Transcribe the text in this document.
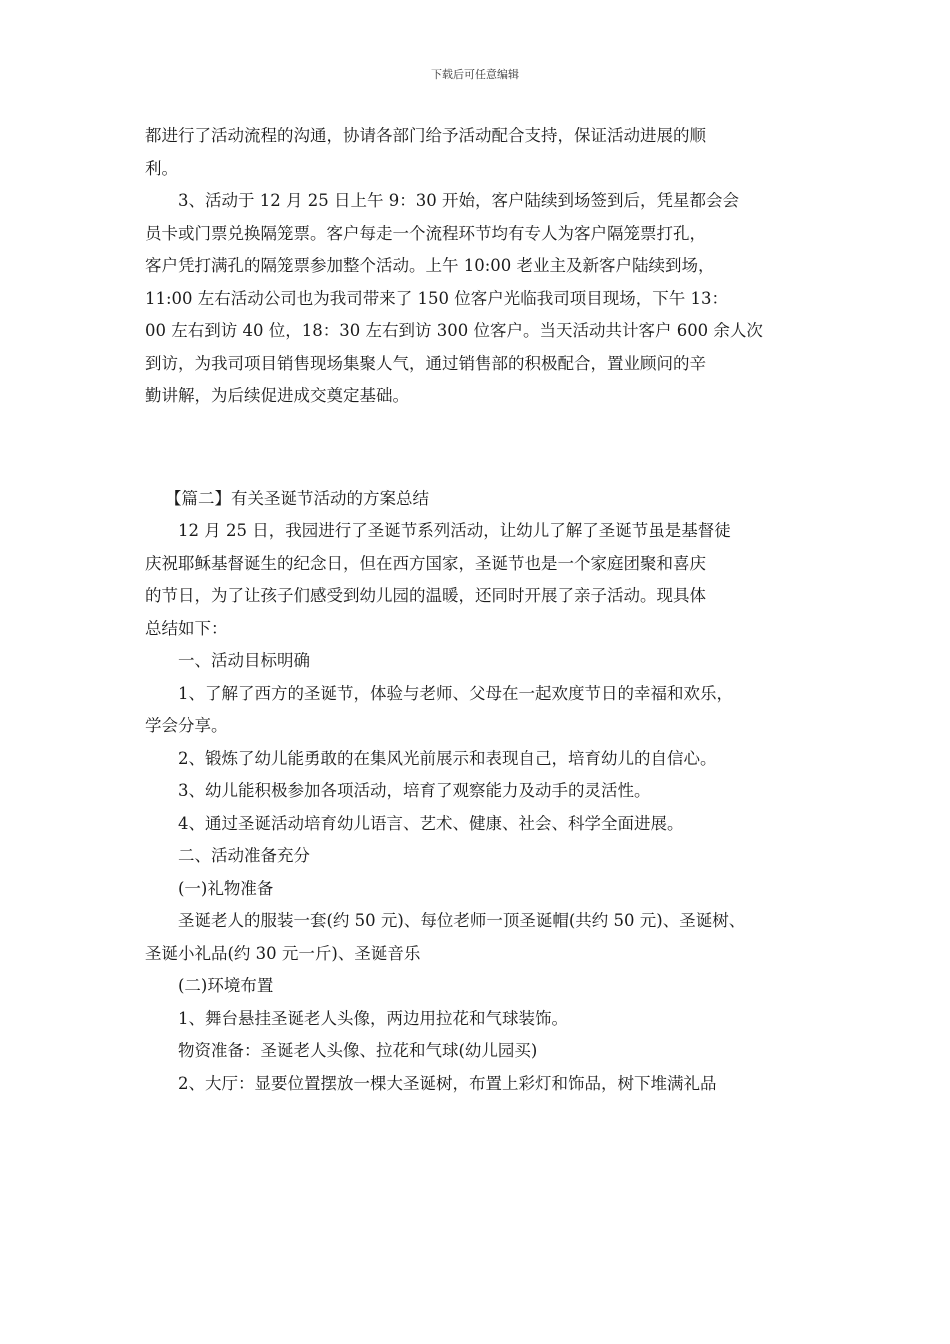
下载后可任意编辑

都进行了活动流程的沟通，协请各部门给予活动配合支持，保证活动进展的顺

利。

3、活动于 12 月 25 日上午 9：30 开始，客户陆续到场签到后，凭星都会会

员卡或门票兑换隔笼票。客户每走一个流程环节均有专人为客户隔笼票打孔，

客户凭打满孔的隔笼票参加整个活动。上午 10:00 老业主及新客户陆续到场，

11:00 左右活动公司也为我司带来了 150 位客户光临我司项目现场，下午 13：

00 左右到访 40 位，18：30 左右到访 300 位客户。当天活动共计客户 600 余人次

到访，为我司项目销售现场集聚人气，通过销售部的积极配合，置业顾问的辛

勤讲解，为后续促进成交奠定基础。

【篇二】有关圣诞节活动的方案总结

12 月 25 日，我园进行了圣诞节系列活动，让幼儿了解了圣诞节虽是基督徒

庆祝耶稣基督诞生的纪念日，但在西方国家，圣诞节也是一个家庭团聚和喜庆

的节日，为了让孩子们感受到幼儿园的温暖，还同时开展了亲子活动。现具体

总结如下：

一、活动目标明确

1、了解了西方的圣诞节，体验与老师、父母在一起欢度节日的幸福和欢乐，

学会分享。

2、锻炼了幼儿能勇敢的在集风光前展示和表现自己，培育幼儿的自信心。

3、幼儿能积极参加各项活动，培育了观察能力及动手的灵活性。

4、通过圣诞活动培育幼儿语言、艺术、健康、社会、科学全面进展。

二、活动准备充分

(一)礼物准备

圣诞老人的服装一套(约 50 元)、每位老师一顶圣诞帽(共约 50 元)、圣诞树、

圣诞小礼品(约 30 元一斤)、圣诞音乐

(二)环境布置

1、舞台悬挂圣诞老人头像，两边用拉花和气球装饰。

物资准备：圣诞老人头像、拉花和气球(幼儿园买)

2、大厅：显要位置摆放一棵大圣诞树，布置上彩灯和饰品，树下堆满礼品
